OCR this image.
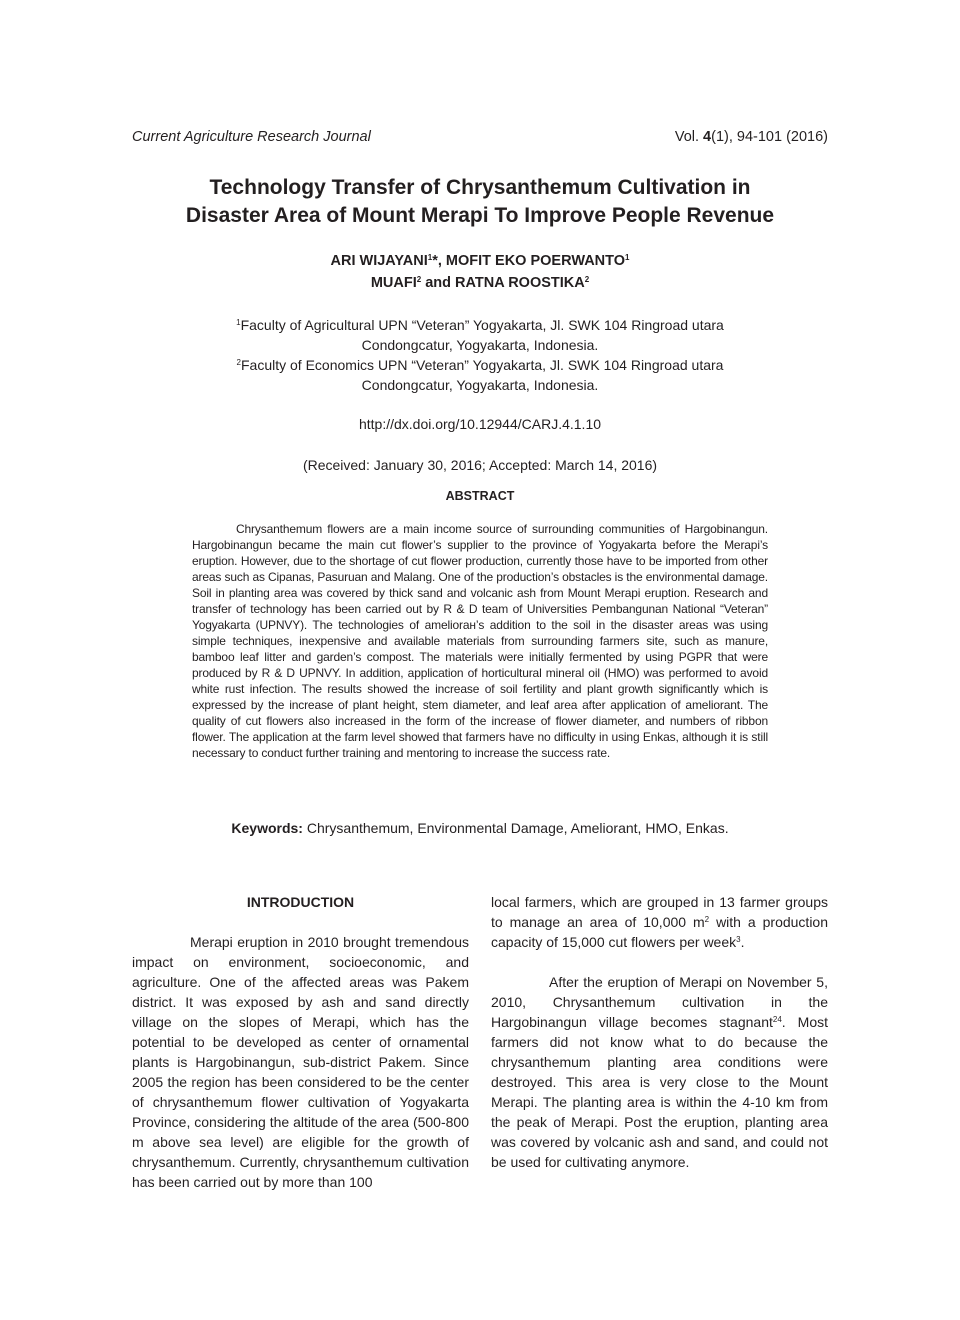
Current Agriculture Research Journal	Vol. 4(1), 94-101 (2016)
Technology Transfer of Chrysanthemum Cultivation in
Disaster Area of Mount Merapi To Improve People Revenue
ARI WIJAYANI$^1$*, MOFIT EKO POERWANTO$^1$
MUAFI$^2$ and RATNA ROOSTIKA$^2$
$^1$Faculty of Agricultural UPN “Veteran” Yogyakarta, Jl. SWK 104 Ringroad utara
Condongcatur, Yogyakarta, Indonesia.
$^2$Faculty of Economics UPN “Veteran” Yogyakarta, Jl. SWK 104 Ringroad utara
Condongcatur, Yogyakarta, Indonesia.
http://dx.doi.org/10.12944/CARJ.4.1.10
(Received: January 30, 2016; Accepted: March 14, 2016)
ABSTRACT

Chrysanthemum flowers are a main income source of surrounding communities of Hargobinangun. Hargobinangun became the main cut flower’s supplier to the province of Yogyakarta before the Merapi’s eruption. However, due to the shortage of cut flower production, currently those have to be imported from other areas such as Cipanas, Pasuruan and Malang. One of the production’s obstacles is the environmental damage. Soil in planting area was covered by thick sand and volcanic ash from Mount Merapi eruption. Research and transfer of technology has been carried out by R & D team of Universities Pembangunan National “Veteran” Yogyakarta (UPNVY). The technologies of ameliorан’s addition to the soil in the disaster areas was using simple techniques, inexpensive and available materials from surrounding farmers site, such as manure, bamboo leaf litter and garden’s compost. The materials were initially fermented by using PGPR that were produced by R & D UPNVY. In addition, application of horticultural mineral oil (HMO) was performed to avoid white rust infection. The results showed the increase of soil fertility and plant growth significantly which is expressed by the increase of plant height, stem diameter, and leaf area after application of ameliorant. The quality of cut flowers also increased in the form of the increase of flower diameter, and numbers of ribbon flower. The application at the farm level showed that farmers have no difficulty in using Enkas, although it is still necessary to conduct further training and mentoring to increase the success rate.

Keywords: Chrysanthemum, Environmental Damage, Ameliorant, HMO, Enkas.
INTRODUCTION

Merapi eruption in 2010 brought tremendous impact on environment, socioeconomic, and agriculture. One of the affected areas was Pakem district. It was exposed by ash and sand directly village on the slopes of Merapi, which has the potential to be developed as center of ornamental plants is Hargobinangun, sub-district Pakem. Since 2005 the region has been considered to be the center of chrysanthemum flower cultivation of Yogyakarta Province, considering the altitude of the area (500-800 m above sea level) are eligible for the growth of chrysanthemum. Currently, chrysanthemum cultivation has been carried out by more than 100

local farmers, which are grouped in 13 farmer groups to manage an area of 10,000 $m^2$ with a production capacity of 15,000 cut flowers per week$^3$.

After the eruption of Merapi on November 5, 2010, Chrysanthemum cultivation in the Hargobinangun village becomes stagnant$^{24}$. Most farmers did not know what to do because the chrysanthemum planting area conditions were destroyed. This area is very close to the Mount Merapi. The planting area is within the 4-10 km from the peak of Merapi. Post the eruption, planting area was covered by volcanic ash and sand, and could not be used for cultivating anymore.
